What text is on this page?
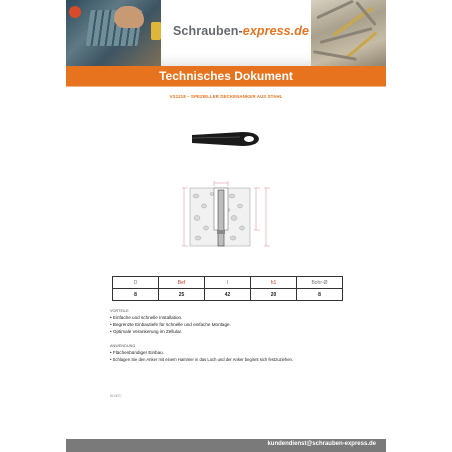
Schrauben-express.de
Technisches Dokument
VS1218 – SPEZIELLER DECKENANKER AUS STAHL
D	Bef	l	h1	Bohr-Ø
8	25	42	20	8
VORTEILE
• Einfache und schnelle Installation.
• Begrenzte Einbautiefe für schnelle und einfache Montage.
• Optimale Verankerung im Zellular.
ANWENDUNG
• Flächenbündiger Einbau.
• Schlagen Sie den Anker mit einem Hammer in das Loch und der Anker beginnt sich festzuziehen.
DI-NOT-
kundendienst@schrauben-express.de
